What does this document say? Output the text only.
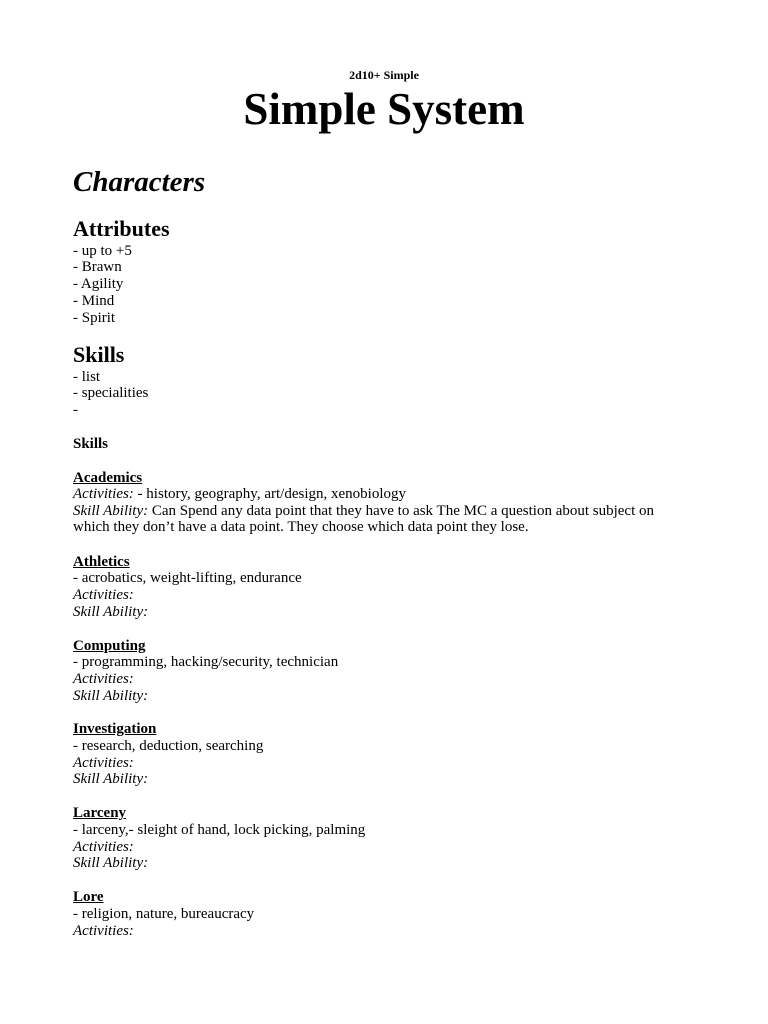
2d10+ Simple
Simple System
Characters
Attributes
- up to +5
- Brawn
- Agility
- Mind
- Spirit
Skills
- list
- specialities
-
Skills
Academics
Activities: - history, geography, art/design, xenobiology
Skill Ability: Can Spend any data point that they have to ask The MC a question about subject on
which they don’t have a data point. They choose which data point they lose.
Athletics
- acrobatics, weight-lifting, endurance
Activities:
Skill Ability:
Computing
- programming, hacking/security, technician
Activities:
Skill Ability:
Investigation
- research, deduction, searching
Activities:
Skill Ability:
Larceny
- larceny,- sleight of hand, lock picking, palming
Activities:
Skill Ability:
Lore
- religion, nature, bureaucracy
Activities:
